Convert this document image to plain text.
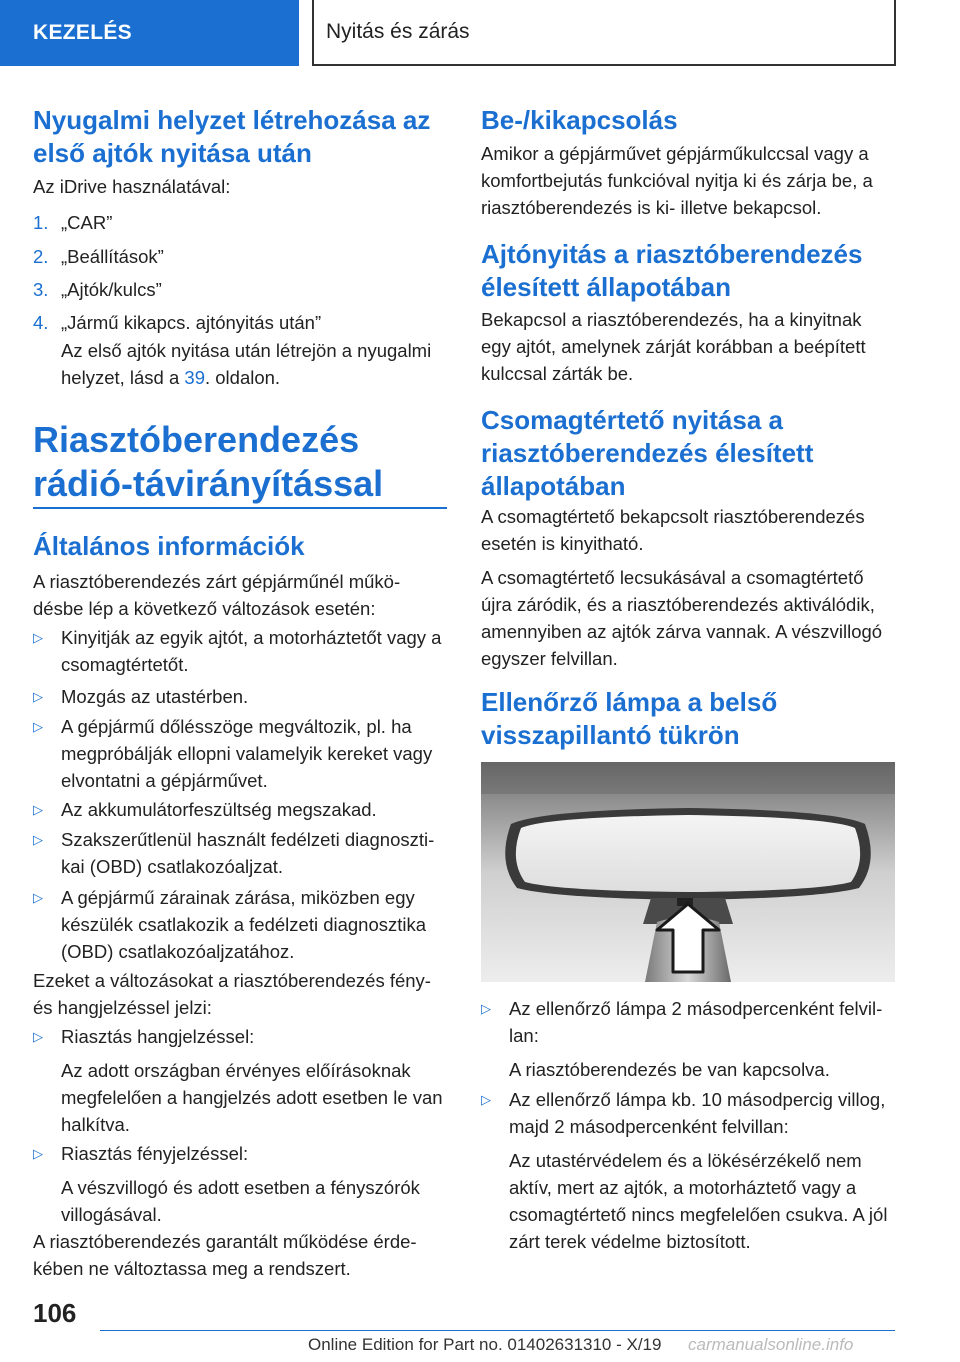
KEZELÉS	Nyitás és zárás
Nyugalmi helyzet létrehozása az első ajtók nyitása után
Az iDrive használatával:
1. „CAR”
2. „Beállítások”
3. „Ajtók/kulcs”
4. „Jármű kikapcs. ajtónyitás után”
Az első ajtók nyitása után létrejön a nyugalmi helyzet, lásd a 39. oldalon.
Riasztóberendezés rádió-távirányítással
Általános információk
A riasztóberendezés zárt gépjárműnél műkö-désbe lép a következő változások esetén:
▷ Kinyitják az egyik ajtót, a motorháztetőt vagy a csomagtértetőt.
▷ Mozgás az utastérben.
▷ A gépjármű dőlésszöge megváltozik, pl. ha megpróbálják ellopni valamelyik kereket vagy elvontatni a gépjárművet.
▷ Az akkumulátorfeszültség megszakad.
▷ Szakszerűtlenül használt fedélzeti diagnoszti-kai (OBD) csatlakozóaljzat.
▷ A gépjármű zárainak zárása, miközben egy készülék csatlakozik a fedélzeti diagnosztika (OBD) csatlakozóaljzatához.
Ezeket a változásokat a riasztóberendezés fény- és hangjelzéssel jelzi:
▷ Riasztás hangjelzéssel:
Az adott országban érvényes előírásoknak megfelelően a hangjelzés adott esetben le van halkítva.
▷ Riasztás fényjelzéssel:
A vészvillogó és adott esetben a fényszórók villogásával.
A riasztóberendezés garantált működése érde-kében ne változtassa meg a rendszert.
Be-/kikapcsolás
Amikor a gépjárművet gépjárműkulccsal vagy a komfortbejutás funkcióval nyitja ki és zárja be, a riasztóberendezés is ki- illetve bekapcsol.
Ajtónyitás a riasztóberendezés élesített állapotában
Bekapcsol a riasztóberendezés, ha a kinyitnak egy ajtót, amelynek zárját korábban a beépített kulccsal zárták be.
Csomagtértető nyitása a riasztóberendezés élesített állapotában
A csomagtértető bekapcsolt riasztóberendezés esetén is kinyitható.
A csomagtértető lecsukásával a csomagtértető újra záródik, és a riasztóberendezés aktiválódik, amennyiben az ajtók zárva vannak. A vészvillogó egyszer felvillan.
Ellenőrző lámpa a belső visszapillantó tükrön
▷ Az ellenőrző lámpa 2 másodpercenként felvil-lan:
A riasztóberendezés be van kapcsolva.
▷ Az ellenőrző lámpa kb. 10 másodpercig villog, majd 2 másodpercenként felvillan:
Az utastérvédelem és a lökésérzékelő nem aktív, mert az ajtók, a motorháztető vagy a csomagtértető nincs megfelelően csukva. A jól zárt terek védelme biztosított.
106
Online Edition for Part no. 01402631310 - X/19 carmanualsonline.info
